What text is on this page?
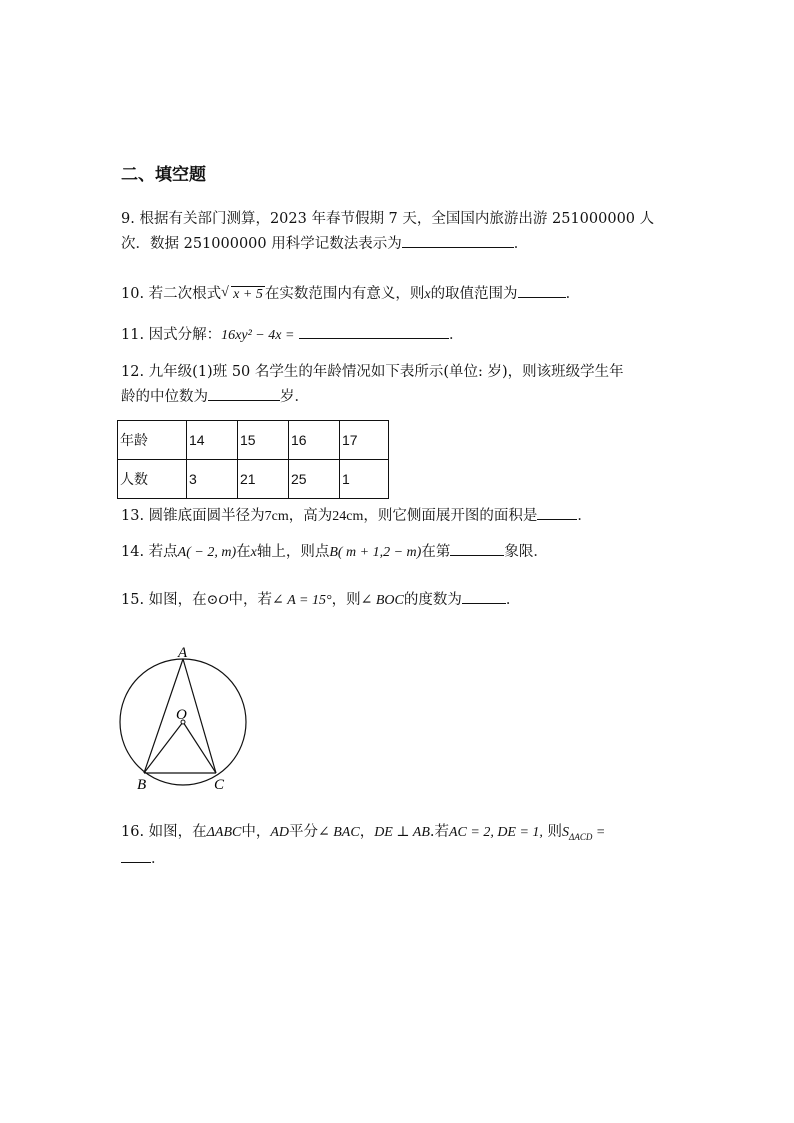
二、填空题
9. 根据有关部门测算，2023 年春节假期 7 天，全国国内旅游出游 251000000 人
次．数据 251000000 用科学记数法表示为	．
10. 若二次根式 √ x + 5 在实数范围内有意义，则x的取值范围为	．
11. 因式分解：16xy² − 4x =	．
12. 九年级(1)班 50 名学生的年龄情况如下表所示(单位: 岁)，则该班级学生年
龄的中位数为	岁．
年龄	14	15	16	17
人数	3	21	25	1
13. 圆锥底面圆半径为7cm，高为24cm，则它侧面展开图的面积是	．
14. 若点A( − 2, m)在x轴上，则点B( m + 1,2 − m)在第	象限．
15. 如图，在⊙O中，若∠ A = 15°，则∠ BOC的度数为	．
A
O
B	C
16. 如图，在ΔABC中，AD平分∠ BAC，DE ⊥ AB.若AC = 2, DE = 1, 则$S_{\Delta ACD}$ =
．
